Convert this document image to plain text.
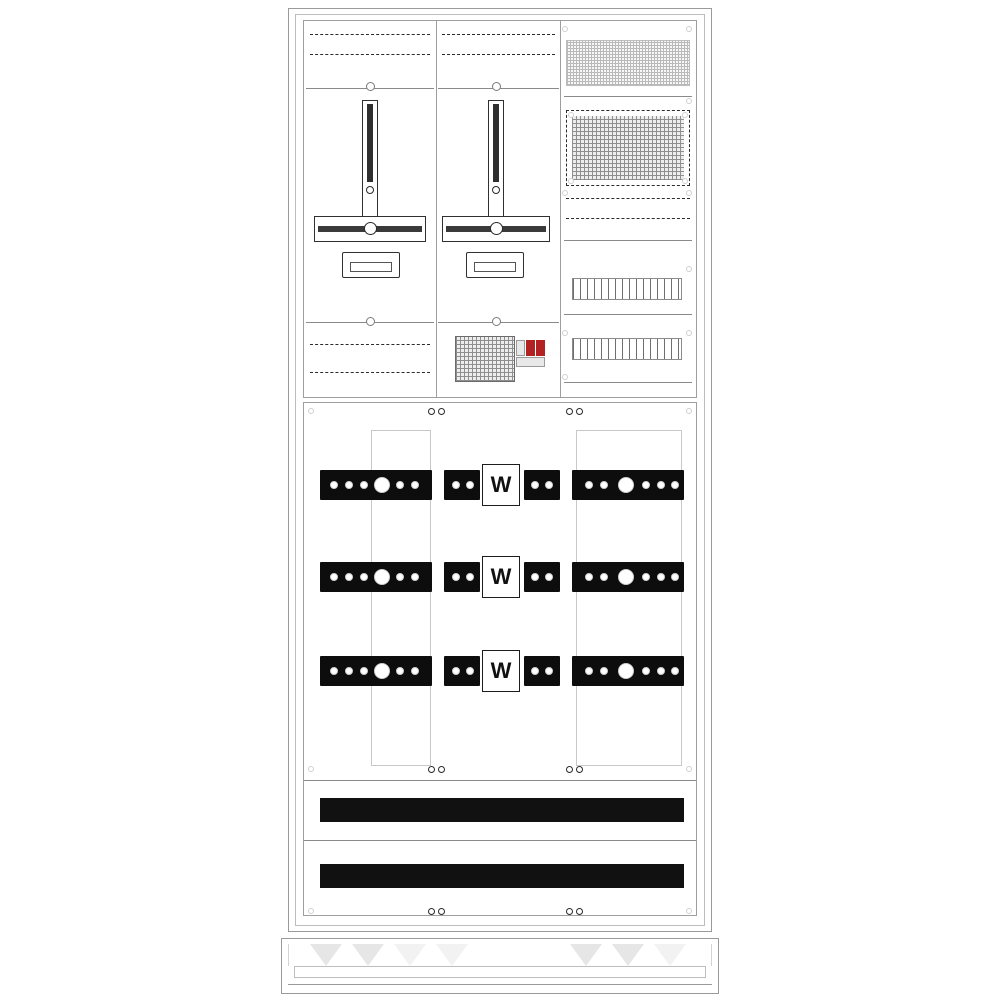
W
W
W
